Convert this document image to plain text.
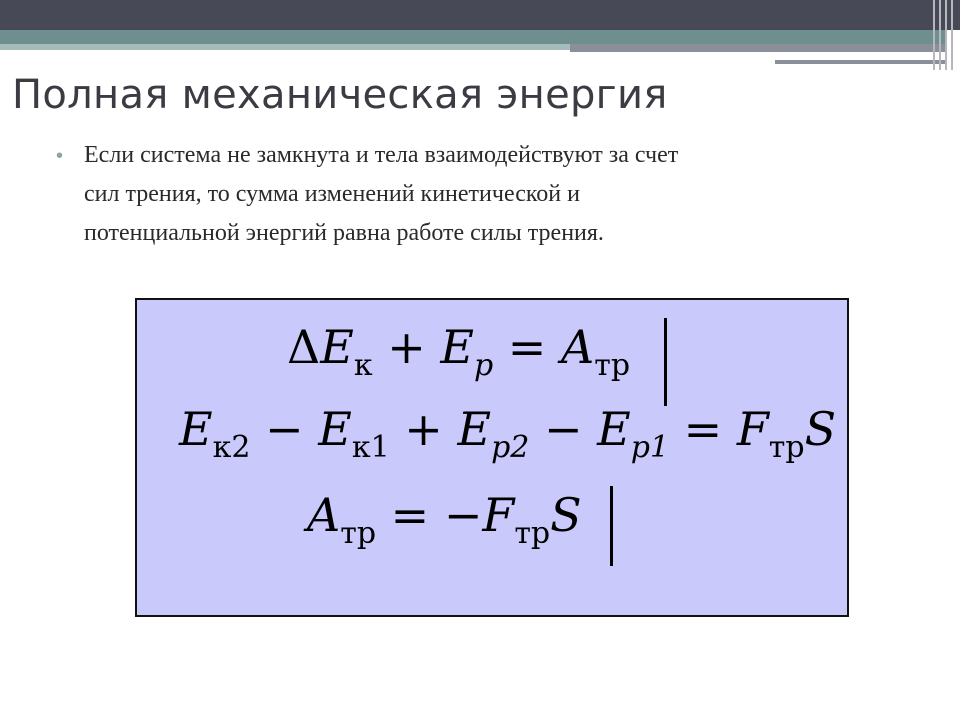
Полная механическая энергия
• Если система не замкнута и тела взаимодействуют за счет
сил трения, то сумма изменений кинетической и
потенциальной энергий равна работе силы трения.
$\Delta E_к + E_p = A_{тр}$
$E_{к2} - E_{к1} + E_{p2} - E_{p1} = F_{тр}S$
$A_{тр} = -F_{тр}S$
